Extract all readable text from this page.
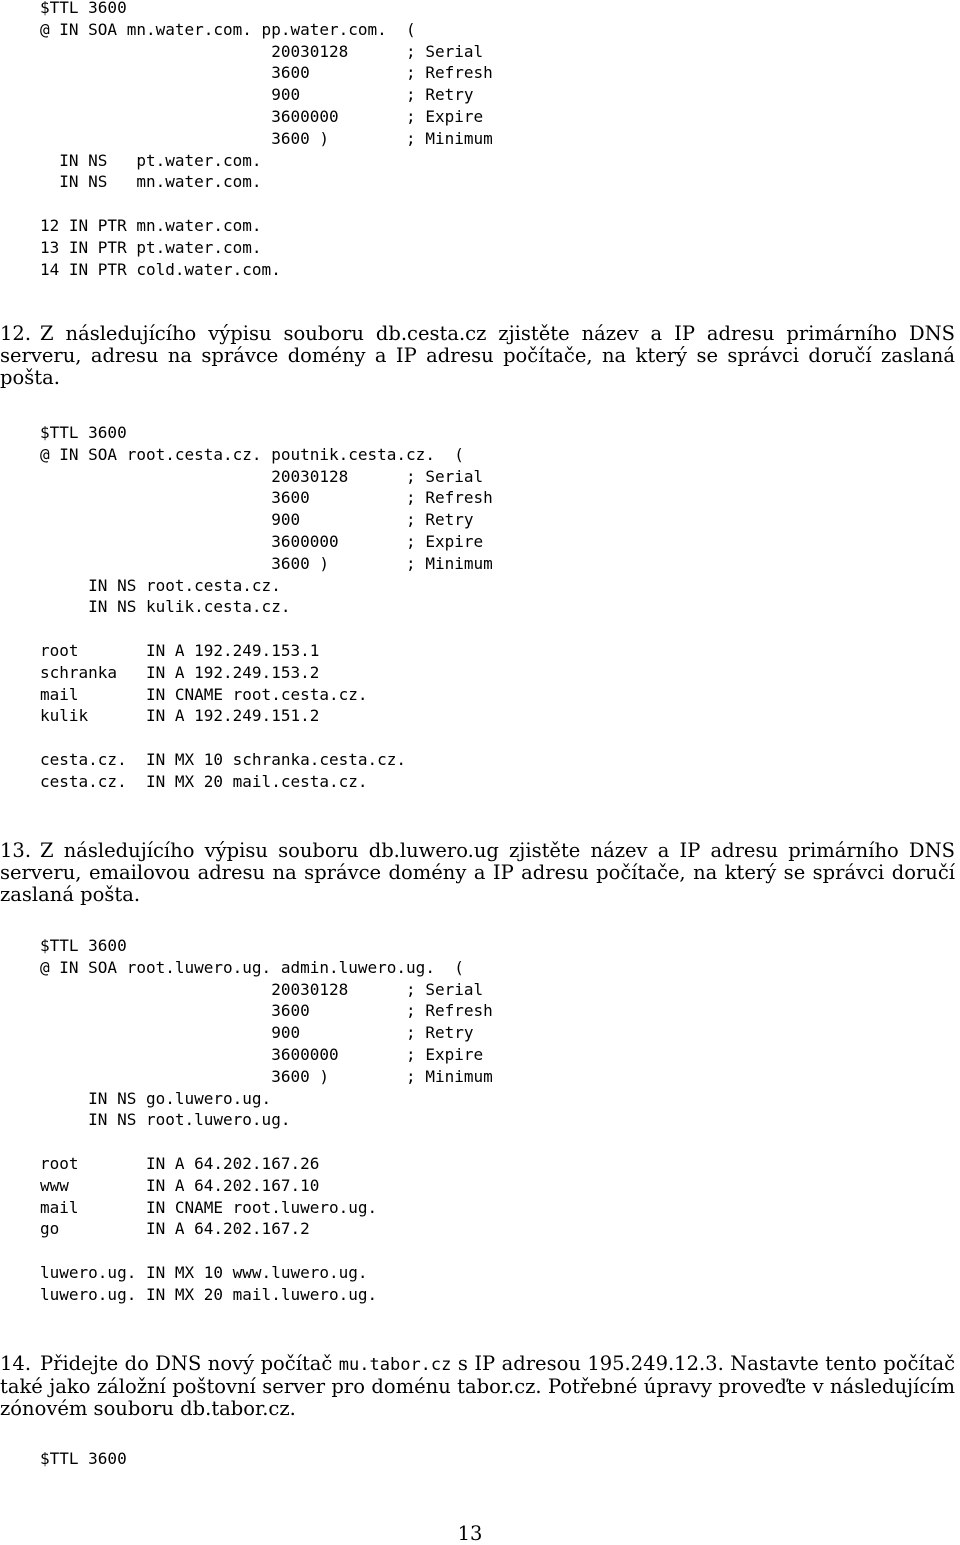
$TTL 3600
@ IN SOA mn.water.com. pp.water.com.  (
20030128      ; Serial
3600          ; Refresh
900           ; Retry
3600000       ; Expire
3600 )        ; Minimum
IN NS   pt.water.com.
IN NS   mn.water.com.

12 IN PTR mn.water.com.
13 IN PTR pt.water.com.
14 IN PTR cold.water.com.

12. Z následujícího výpisu souboru db.cesta.cz zjistěte název a IP adresu primárního DNS serveru, adresu na správce domény a IP adresu počítače, na který se správci doručí zaslaná pošta.

$TTL 3600
@ IN SOA root.cesta.cz. poutnik.cesta.cz.  (
20030128      ; Serial
3600          ; Refresh
900           ; Retry
3600000       ; Expire
3600 )        ; Minimum
IN NS root.cesta.cz.
IN NS kulik.cesta.cz.

root       IN A 192.249.153.1
schranka   IN A 192.249.153.2
mail       IN CNAME root.cesta.cz.
kulik      IN A 192.249.151.2

cesta.cz.  IN MX 10 schranka.cesta.cz.
cesta.cz.  IN MX 20 mail.cesta.cz.

13. Z následujícího výpisu souboru db.luwero.ug zjistěte název a IP adresu primárního DNS serveru, emailovou adresu na správce domény a IP adresu počítače, na který se správci doručí zaslaná pošta.

$TTL 3600
@ IN SOA root.luwero.ug. admin.luwero.ug.  (
20030128      ; Serial
3600          ; Refresh
900           ; Retry
3600000       ; Expire
3600 )        ; Minimum
IN NS go.luwero.ug.
IN NS root.luwero.ug.

root       IN A 64.202.167.26
www        IN A 64.202.167.10
mail       IN CNAME root.luwero.ug.
go         IN A 64.202.167.2

luwero.ug. IN MX 10 www.luwero.ug.
luwero.ug. IN MX 20 mail.luwero.ug.

14. Přidejte do DNS nový počítač mu.tabor.cz s IP adresou 195.249.12.3. Nastavte tento počítač také jako záložní poštovní server pro doménu tabor.cz. Potřebné úpravy proveďte v následujícím zónovém souboru db.tabor.cz.

$TTL 3600
13
